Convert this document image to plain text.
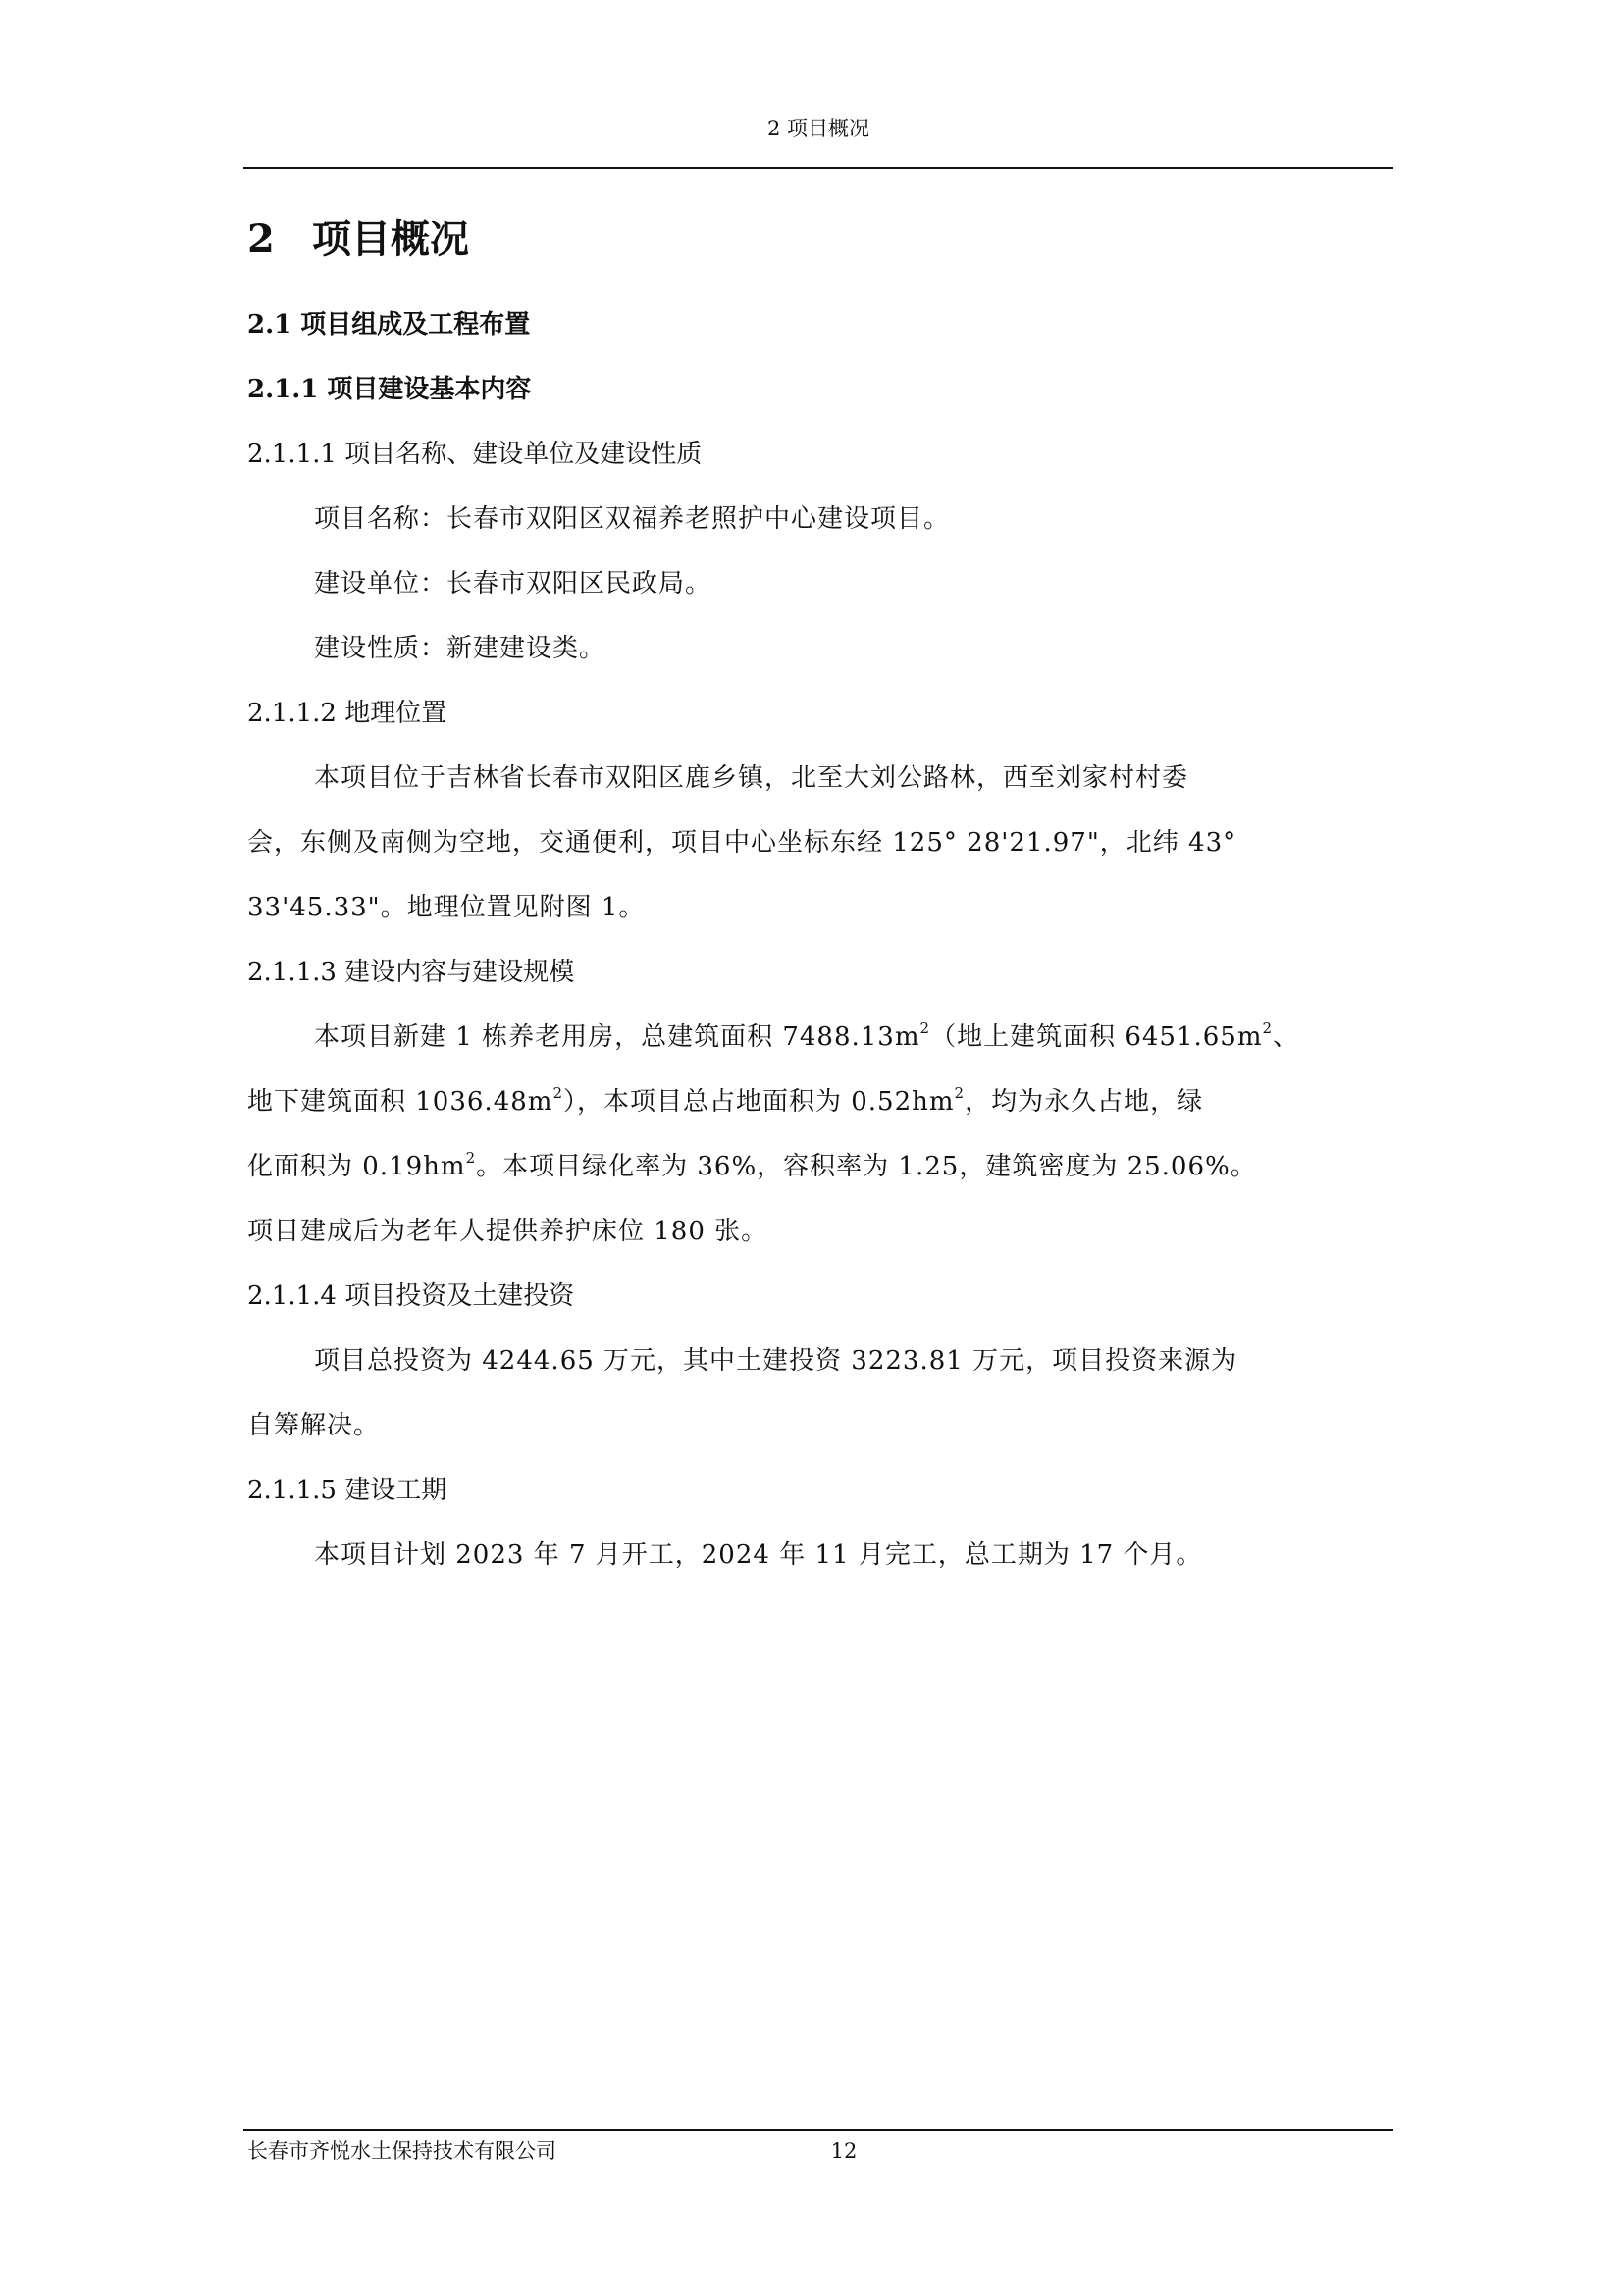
2 项目概况
2 项目概况
2.1 项目组成及工程布置
2.1.1 项目建设基本内容
2.1.1.1 项目名称、建设单位及建设性质
项目名称：长春市双阳区双福养老照护中心建设项目。
建设单位：长春市双阳区民政局。
建设性质：新建建设类。
2.1.1.2 地理位置
本项目位于吉林省长春市双阳区鹿乡镇，北至大刘公路林，西至刘家村村委
会，东侧及南侧为空地，交通便利，项目中心坐标东经 125° 28'21.97"，北纬 43°
33'45.33"。地理位置见附图 1。
2.1.1.3 建设内容与建设规模
本项目新建 1 栋养老用房，总建筑面积 $7488.13m^2$（地上建筑面积 $6451.65m^2$、
地下建筑面积 $1036.48m^2$），本项目总占地面积为 $0.52hm^2$，均为永久占地，绿
化面积为 $0.19hm^2$。本项目绿化率为 36%，容积率为 1.25，建筑密度为 25.06%。
项目建成后为老年人提供养护床位 180 张。
2.1.1.4 项目投资及土建投资
项目总投资为 4244.65 万元，其中土建投资 3223.81 万元，项目投资来源为
自筹解决。
2.1.1.5 建设工期
本项目计划 2023 年 7 月开工，2024 年 11 月完工，总工期为 17 个月。
长春市齐悦水土保持技术有限公司	12
